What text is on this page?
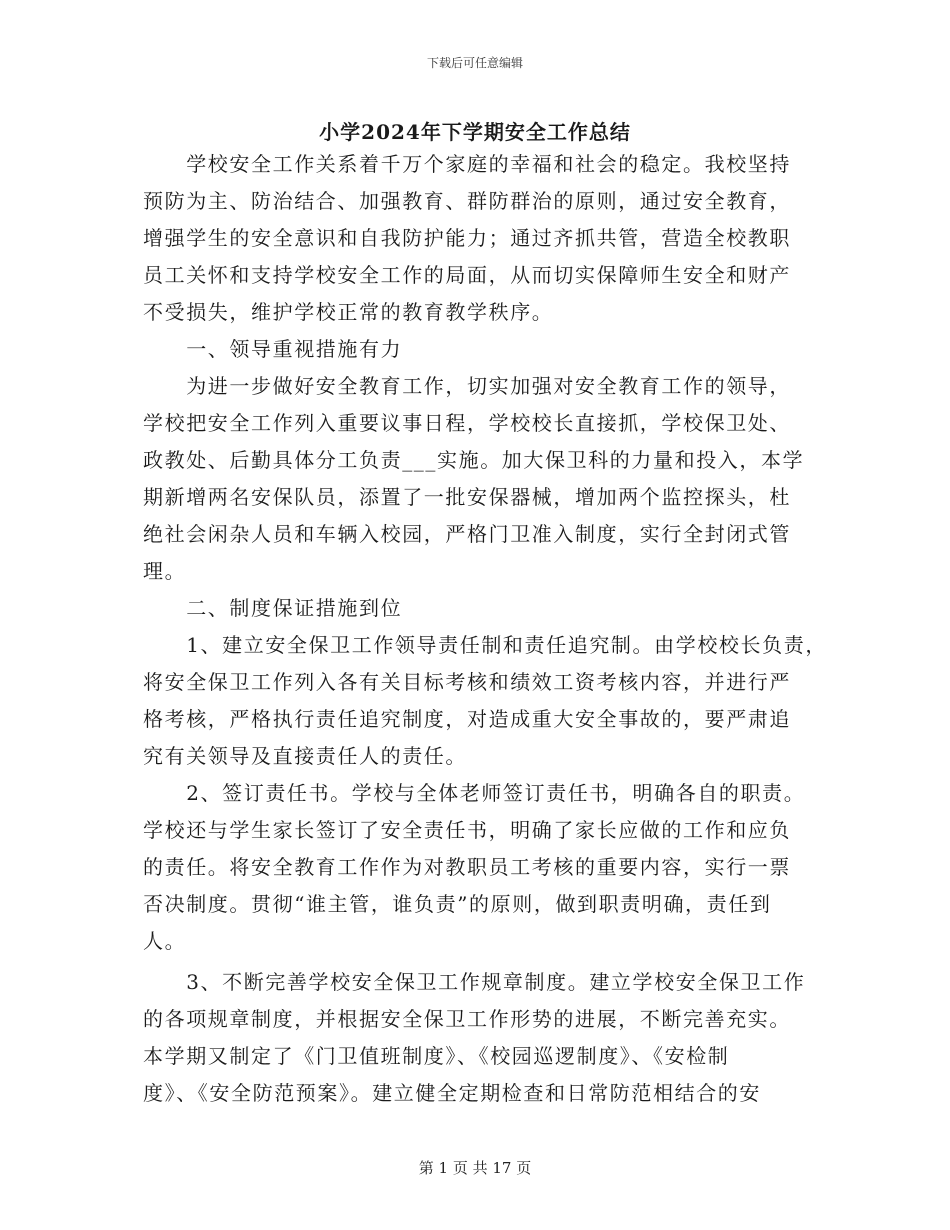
下载后可任意编辑
小学2024年下学期安全工作总结
　　学校安全工作关系着千万个家庭的幸福和社会的稳定。我校坚持
预防为主、防治结合、加强教育、群防群治的原则，通过安全教育，
增强学生的安全意识和自我防护能力；通过齐抓共管，营造全校教职
员工关怀和支持学校安全工作的局面，从而切实保障师生安全和财产
不受损失，维护学校正常的教育教学秩序。
　　一、领导重视措施有力
　　为进一步做好安全教育工作，切实加强对安全教育工作的领导，
学校把安全工作列入重要议事日程，学校校长直接抓，学校保卫处、
政教处、后勤具体分工负责___实施。加大保卫科的力量和投入，本学
期新增两名安保队员，添置了一批安保器械，增加两个监控探头，杜
绝社会闲杂人员和车辆入校园，严格门卫准入制度，实行全封闭式管
理。
　　二、制度保证措施到位
　　1、建立安全保卫工作领导责任制和责任追究制。由学校校长负责，
将安全保卫工作列入各有关目标考核和绩效工资考核内容，并进行严
格考核，严格执行责任追究制度，对造成重大安全事故的，要严肃追
究有关领导及直接责任人的责任。
　　2、签订责任书。学校与全体老师签订责任书，明确各自的职责。
学校还与学生家长签订了安全责任书，明确了家长应做的工作和应负
的责任。将安全教育工作作为对教职员工考核的重要内容，实行一票
否决制度。贯彻“谁主管，谁负责”的原则，做到职责明确，责任到
人。
　　3、不断完善学校安全保卫工作规章制度。建立学校安全保卫工作
的各项规章制度，并根据安全保卫工作形势的进展，不断完善充实。
本学期又制定了《门卫值班制度》、《校园巡逻制度》、《安检制
度》、《安全防范预案》。建立健全定期检查和日常防范相结合的安
第 1 页 共 17 页
